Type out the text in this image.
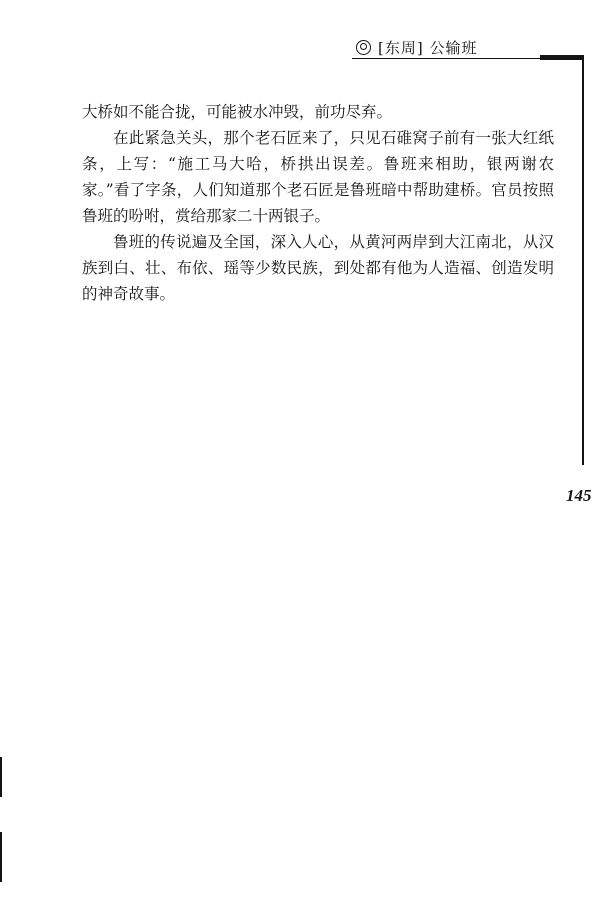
[东周] 公输班
145

大桥如不能合拢，可能被水冲毁，前功尽弃。

在此紧急关头，那个老石匠来了，只见石碓窝子前有一张大红纸条，上写：“施工马大哈，桥拱出误差。鲁班来相助，银两谢农家。”看了字条，人们知道那个老石匠是鲁班暗中帮助建桥。官员按照鲁班的吩咐，赏给那家二十两银子。

鲁班的传说遍及全国，深入人心，从黄河两岸到大江南北，从汉族到白、壮、布依、瑶等少数民族，到处都有他为人造福、创造发明的神奇故事。
